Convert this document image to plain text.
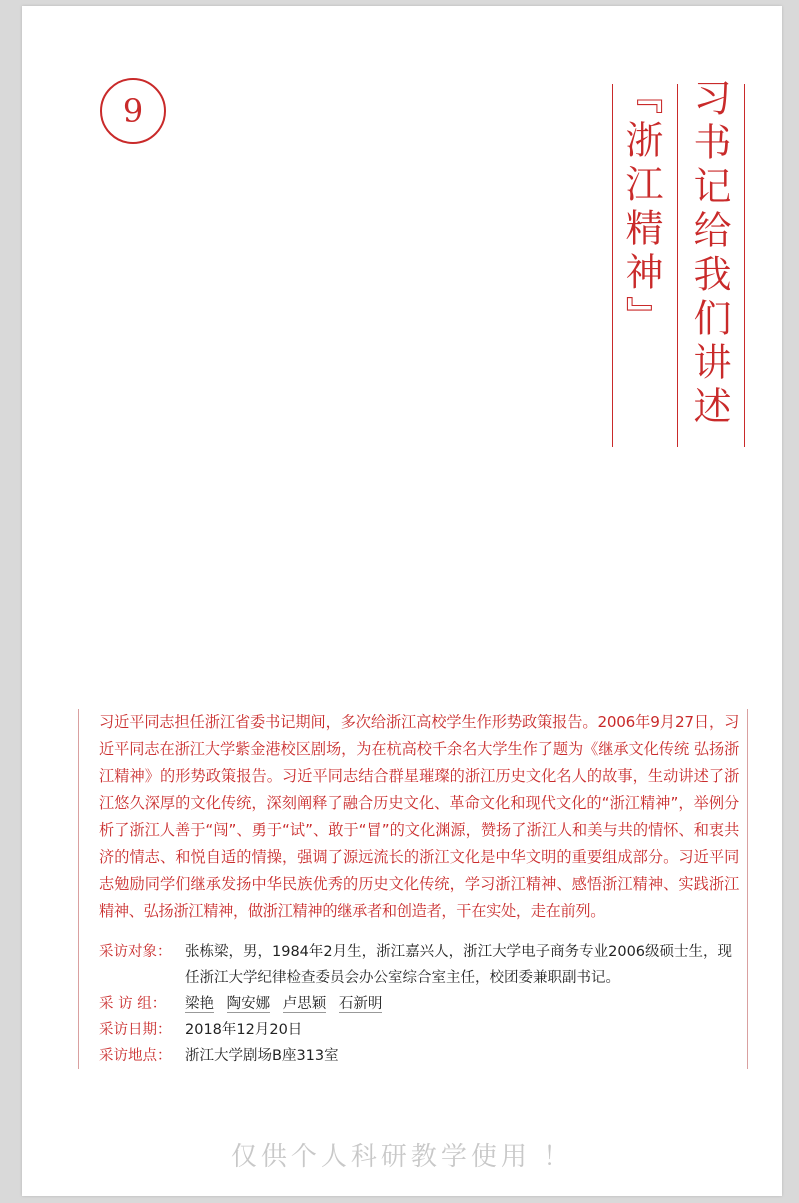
9	习书记给我们讲述
『浙江精神』

习近平同志担任浙江省委书记期间，多次给浙江高校学生作形势政策报告。2006年9月27日，习近平同志在浙江大学紫金港校区剧场，为在杭高校千余名大学生作了题为《继承文化传统 弘扬浙江精神》的形势政策报告。习近平同志结合群星璀璨的浙江历史文化名人的故事，生动讲述了浙江悠久深厚的文化传统，深刻阐释了融合历史文化、革命文化和现代文化的“浙江精神”，举例分析了浙江人善于“闯”、勇于“试”、敢于“冒”的文化渊源，赞扬了浙江人和美与共的情怀、和衷共济的情志、和悦自适的情操，强调了源远流长的浙江文化是中华文明的重要组成部分。习近平同志勉励同学们继承发扬中华民族优秀的历史文化传统，学习浙江精神、感悟浙江精神、实践浙江精神、弘扬浙江精神，做浙江精神的继承者和创造者，干在实处，走在前列。

采访对象： 张栋梁，男，1984年2月生，浙江嘉兴人，浙江大学电子商务专业2006级硕士生，现任浙江大学纪律检查委员会办公室综合室主任，校团委兼职副书记。
采 访 组：	梁艳 陶安娜 卢思颖 石新明
采访日期： 2018年12月20日
采访地点： 浙江大学剧场B座313室
仅供个人科研教学使用 ！
